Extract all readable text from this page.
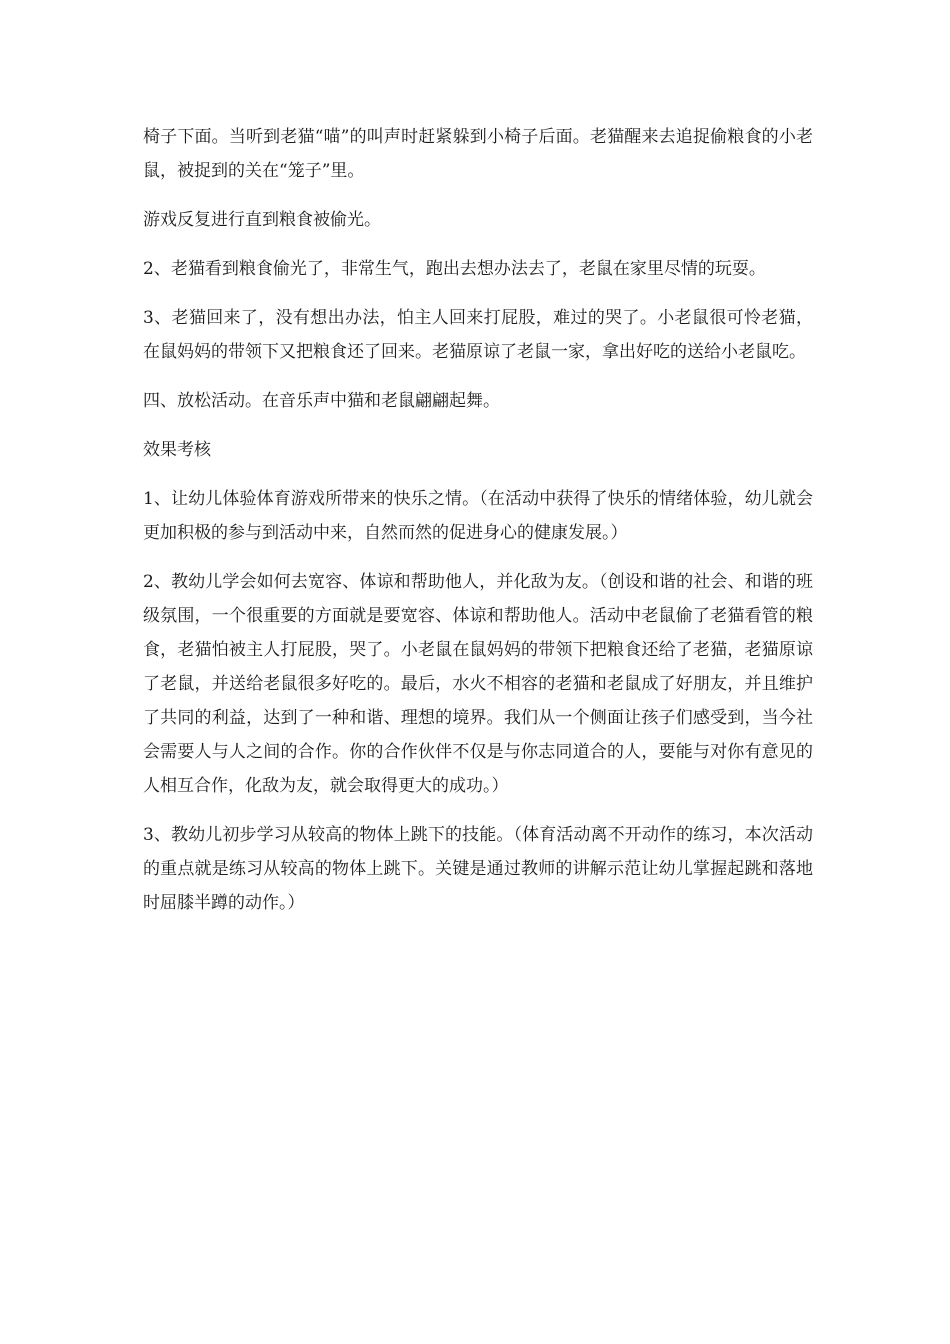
椅子下面。当听到老猫“喵”的叫声时赶紧躲到小椅子后面。老猫醒来去追捉偷粮食的小老鼠，被捉到的关在“笼子”里。

游戏反复进行直到粮食被偷光。

2、老猫看到粮食偷光了，非常生气，跑出去想办法去了，老鼠在家里尽情的玩耍。

3、老猫回来了，没有想出办法，怕主人回来打屁股，难过的哭了。小老鼠很可怜老猫，在鼠妈妈的带领下又把粮食还了回来。老猫原谅了老鼠一家，拿出好吃的送给小老鼠吃。

四、放松活动。在音乐声中猫和老鼠翩翩起舞。

效果考核

1、让幼儿体验体育游戏所带来的快乐之情。（在活动中获得了快乐的情绪体验，幼儿就会更加积极的参与到活动中来，自然而然的促进身心的健康发展。）

2、教幼儿学会如何去宽容、体谅和帮助他人，并化敌为友。（创设和谐的社会、和谐的班级氛围，一个很重要的方面就是要宽容、体谅和帮助他人。活动中老鼠偷了老猫看管的粮食，老猫怕被主人打屁股，哭了。小老鼠在鼠妈妈的带领下把粮食还给了老猫，老猫原谅了老鼠，并送给老鼠很多好吃的。最后，水火不相容的老猫和老鼠成了好朋友，并且维护了共同的利益，达到了一种和谐、理想的境界。我们从一个侧面让孩子们感受到，当今社会需要人与人之间的合作。你的合作伙伴不仅是与你志同道合的人，要能与对你有意见的人相互合作，化敌为友，就会取得更大的成功。）

3、教幼儿初步学习从较高的物体上跳下的技能。（体育活动离不开动作的练习，本次活动的重点就是练习从较高的物体上跳下。关键是通过教师的讲解示范让幼儿掌握起跳和落地时屈膝半蹲的动作。）
